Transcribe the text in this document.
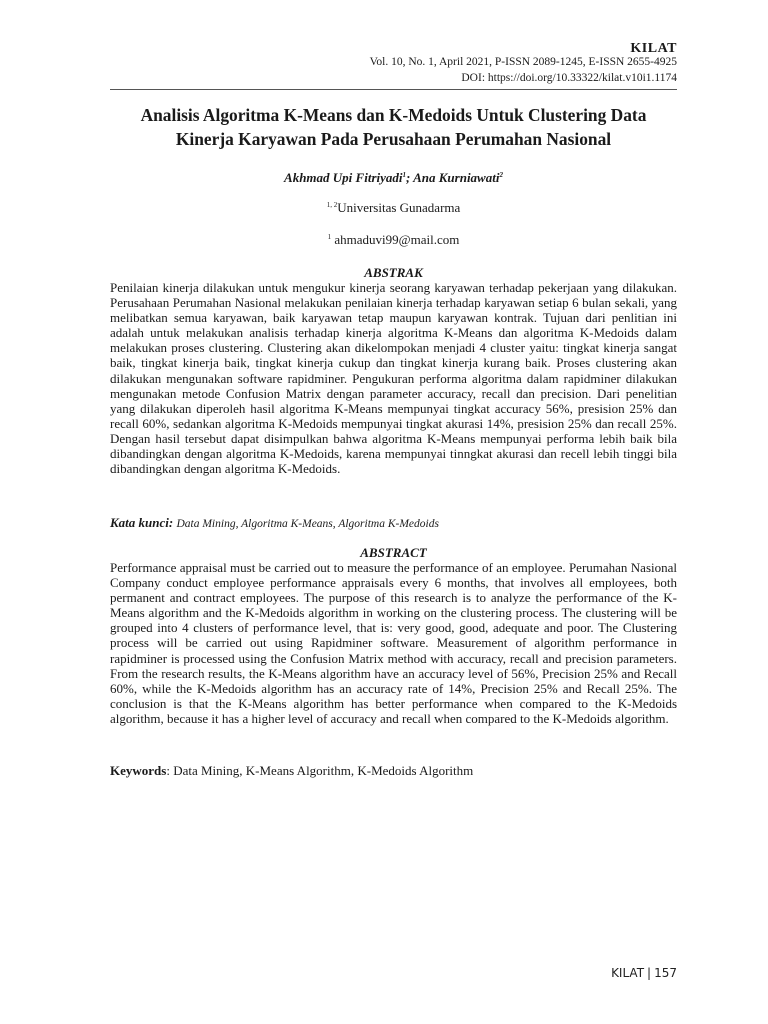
KILAT
Vol. 10, No. 1, April 2021, P-ISSN 2089-1245, E-ISSN 2655-4925
DOI: https://doi.org/10.33322/kilat.v10i1.1174
Analisis Algoritma K-Means dan K-Medoids Untuk Clustering Data Kinerja Karyawan Pada Perusahaan Perumahan Nasional
Akhmad Upi Fitriyadi$^1$; Ana Kurniawati$^2$
$^{1, 2}$Universitas Gunadarma
$^1$ ahmaduvi99@mail.com
ABSTRAK
Penilaian kinerja dilakukan untuk mengukur kinerja seorang karyawan terhadap pekerjaan yang dilakukan. Perusahaan Perumahan Nasional melakukan penilaian kinerja terhadap karyawan setiap 6 bulan sekali, yang melibatkan semua karyawan, baik karyawan tetap maupun karyawan kontrak. Tujuan dari penlitian ini adalah untuk melakukan analisis terhadap kinerja algoritma K-Means dan algoritma K-Medoids dalam melakukan proses clustering. Clustering akan dikelompokan menjadi 4 cluster yaitu: tingkat kinerja sangat baik, tingkat kinerja baik, tingkat kinerja cukup dan tingkat kinerja kurang baik. Proses clustering akan dilakukan mengunakan software rapidminer. Pengukuran performa algoritma dalam rapidminer dilakukan mengunakan metode Confusion Matrix dengan parameter accuracy, recall dan precision. Dari penelitian yang dilakukan diperoleh hasil algoritma K-Means mempunyai tingkat accuracy 56%, presision 25% dan recall 60%, sedankan algoritma K-Medoids mempunyai tingkat akurasi 14%, presision 25% dan recall 25%. Dengan hasil tersebut dapat disimpulkan bahwa algoritma K-Means mempunyai performa lebih baik bila dibandingkan dengan algoritma K-Medoids, karena mempunyai tinngkat akurasi dan recell lebih tinggi bila dibandingkan dengan algoritma K-Medoids.
Kata kunci: Data Mining, Algoritma K-Means, Algoritma K-Medoids
ABSTRACT
Performance appraisal must be carried out to measure the performance of an employee. Perumahan Nasional Company conduct employee performance appraisals every 6 months, that involves all employees, both permanent and contract employees. The purpose of this research is to analyze the performance of the K-Means algorithm and the K-Medoids algorithm in working on the clustering process. The clustering will be grouped into 4 clusters of performance level, that is: very good, good, adequate and poor. The Clustering process will be carried out using Rapidminer software. Measurement of algorithm performance in rapidminer is processed using the Confusion Matrix method with accuracy, recall and precision parameters. From the research results, the K-Means algorithm have an accuracy level of 56%, Precision 25% and Recall 60%, while the K-Medoids algorithm has an accuracy rate of 14%, Precision 25% and Recall 25%. The conclusion is that the K-Means algorithm has better performance when compared to the K-Medoids algorithm, because it has a higher level of accuracy and recall when compared to the K-Medoids algorithm.
Keywords: Data Mining, K-Means Algorithm, K-Medoids Algorithm
KILAT | 157
